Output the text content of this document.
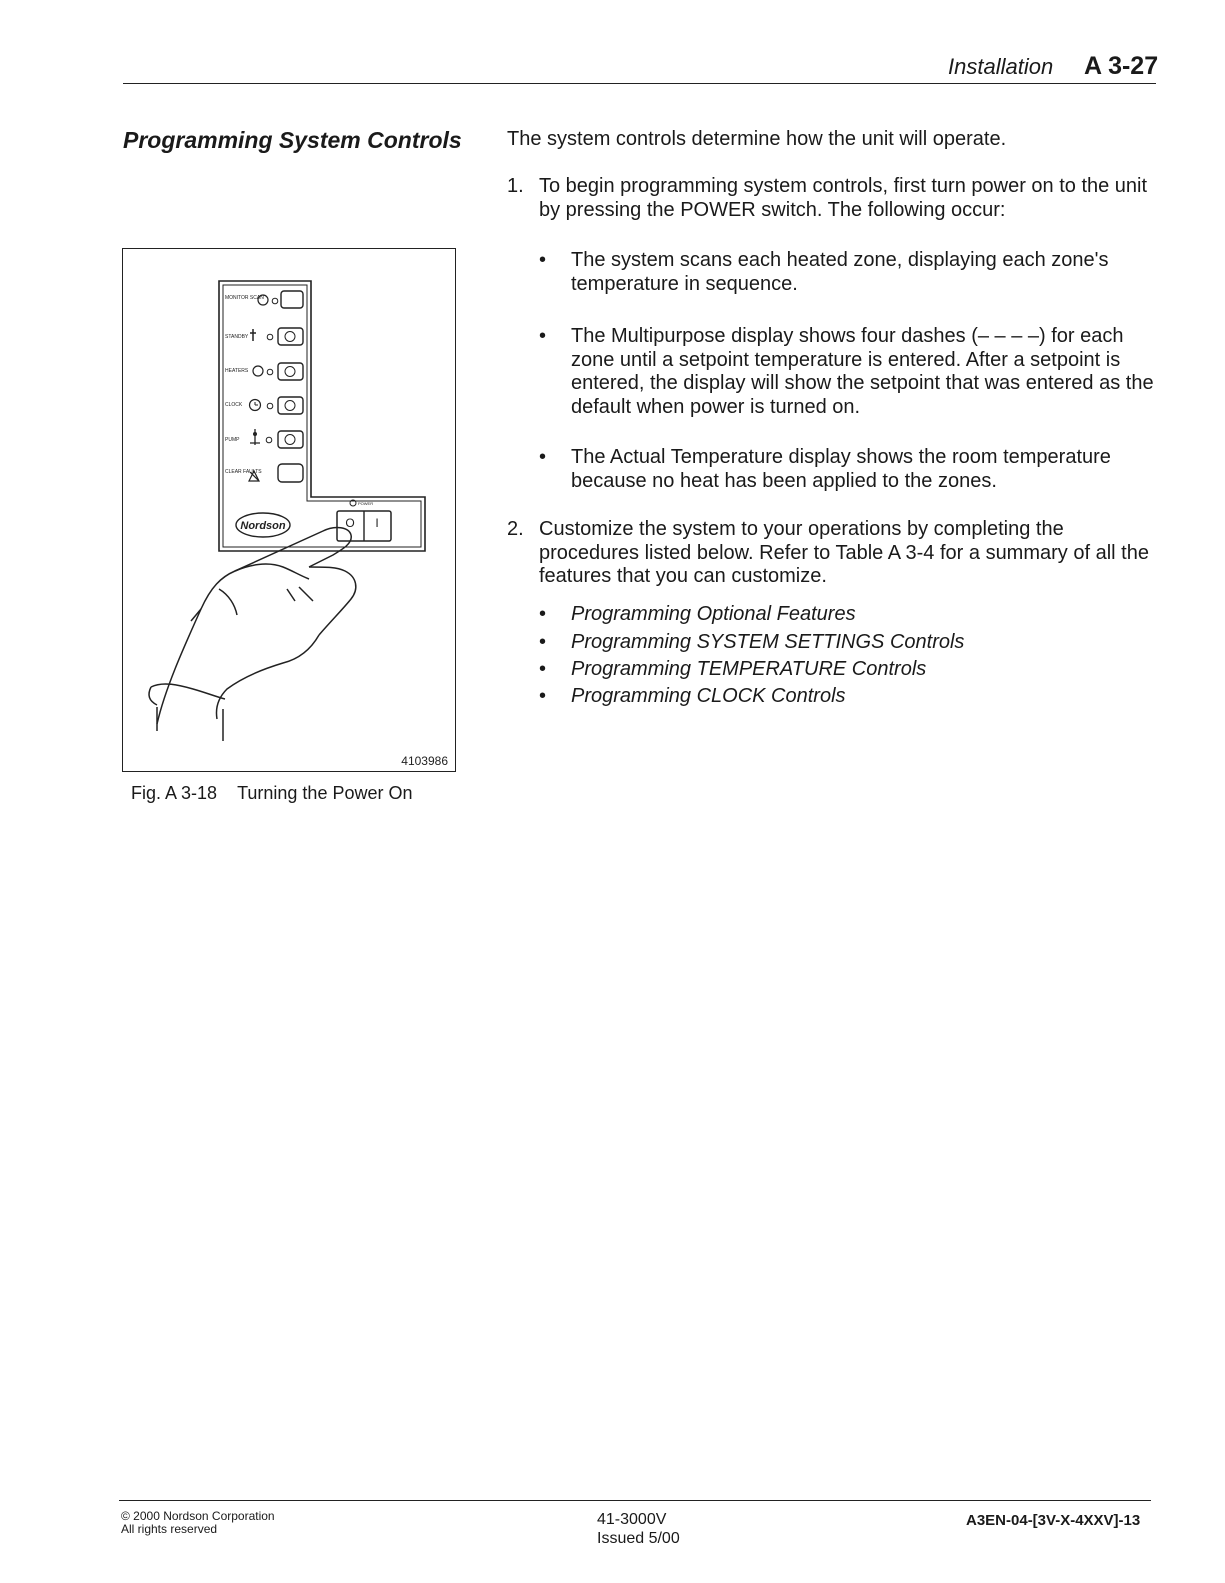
Installation A 3-27
Programming System Controls The system controls determine how the unit will operate.
1. To begin programming system controls, first turn power on to the unit
by pressing the POWER switch. The following occur:
• The system scans each heated zone, displaying each zone's
temperature in sequence.
• The Multipurpose display shows four dashes (– – – –) for each
zone until a setpoint temperature is entered. After a setpoint is
entered, the display will show the setpoint that was entered as the
default when power is turned on.
• The Actual Temperature display shows the room temperature
because no heat has been applied to the zones.
2. Customize the system to your operations by completing the
procedures listed below. Refer to Table A 3-4 for a summary of all the
features that you can customize.
• Programming Optional Features
• Programming SYSTEM SETTINGS Controls
• Programming TEMPERATURE Controls
• Programming CLOCK Controls
MONITOR SCAN
STANDBY
HEATERS
CLOCK
PUMP
CLEAR FAULTS
POWER
Nordson	O I
4103986
Fig. A 3-18 Turning the Power On
© 2000 Nordson Corporation
All rights reserved
41-3000V
Issued 5/00
A3EN-04-[3V-X-4XXV]-13
